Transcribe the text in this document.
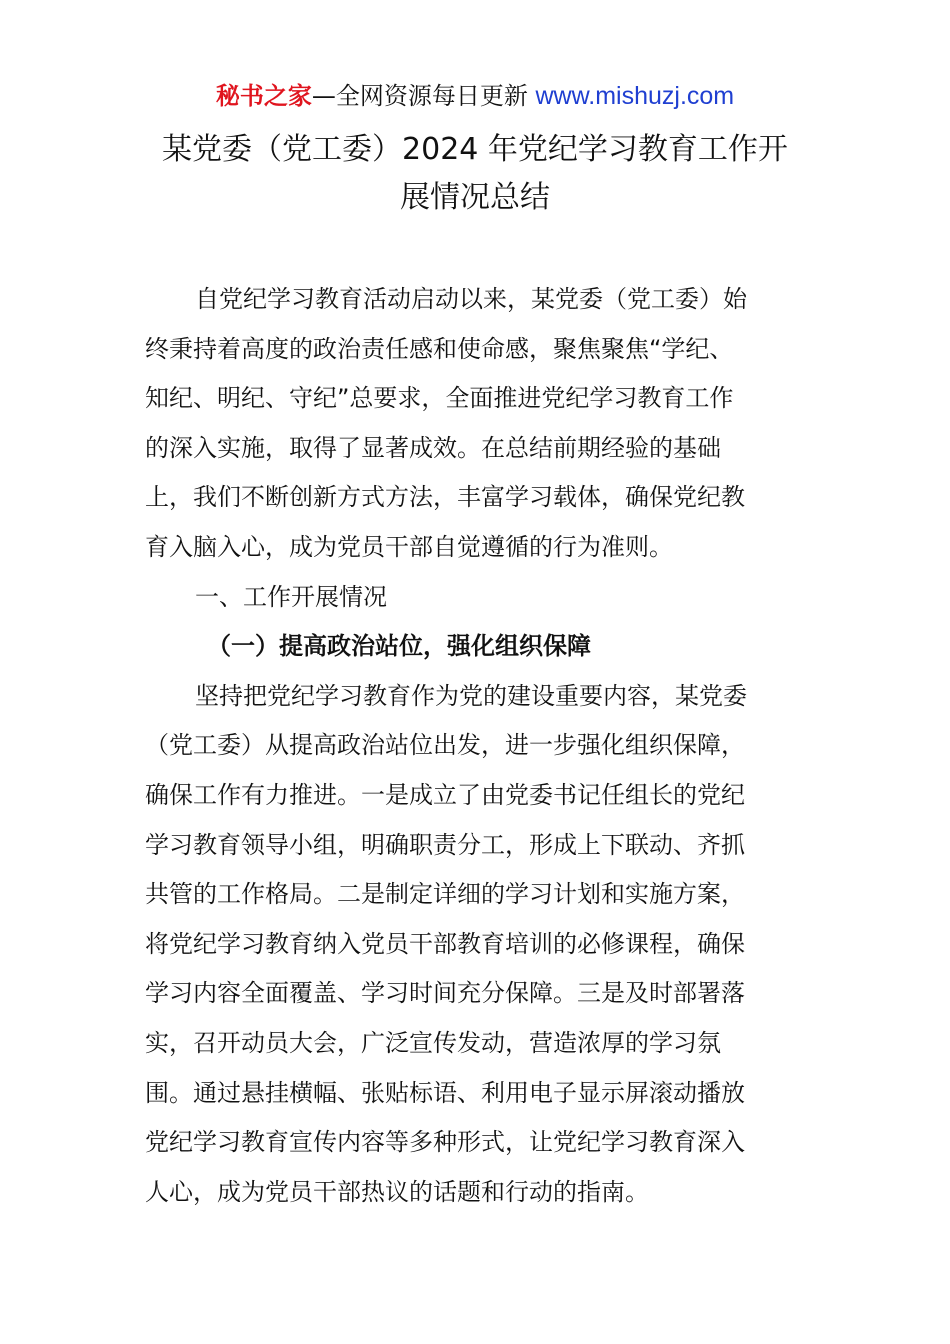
秘书之家—全网资源每日更新 www.mishuzj.com
某党委（党工委）2024 年党纪学习教育工作开
展情况总结
自党纪学习教育活动启动以来，某党委（党工委）始
终秉持着高度的政治责任感和使命感，聚焦聚焦“学纪、
知纪、明纪、守纪”总要求，全面推进党纪学习教育工作
的深入实施，取得了显著成效。在总结前期经验的基础
上，我们不断创新方式方法，丰富学习载体，确保党纪教
育入脑入心，成为党员干部自觉遵循的行为准则。
一、工作开展情况
（一）提高政治站位，强化组织保障
坚持把党纪学习教育作为党的建设重要内容，某党委
（党工委）从提高政治站位出发，进一步强化组织保障，
确保工作有力推进。一是成立了由党委书记任组长的党纪
学习教育领导小组，明确职责分工，形成上下联动、齐抓
共管的工作格局。二是制定详细的学习计划和实施方案，
将党纪学习教育纳入党员干部教育培训的必修课程，确保
学习内容全面覆盖、学习时间充分保障。三是及时部署落
实，召开动员大会，广泛宣传发动，营造浓厚的学习氛
围。通过悬挂横幅、张贴标语、利用电子显示屏滚动播放
党纪学习教育宣传内容等多种形式，让党纪学习教育深入
人心，成为党员干部热议的话题和行动的指南。
